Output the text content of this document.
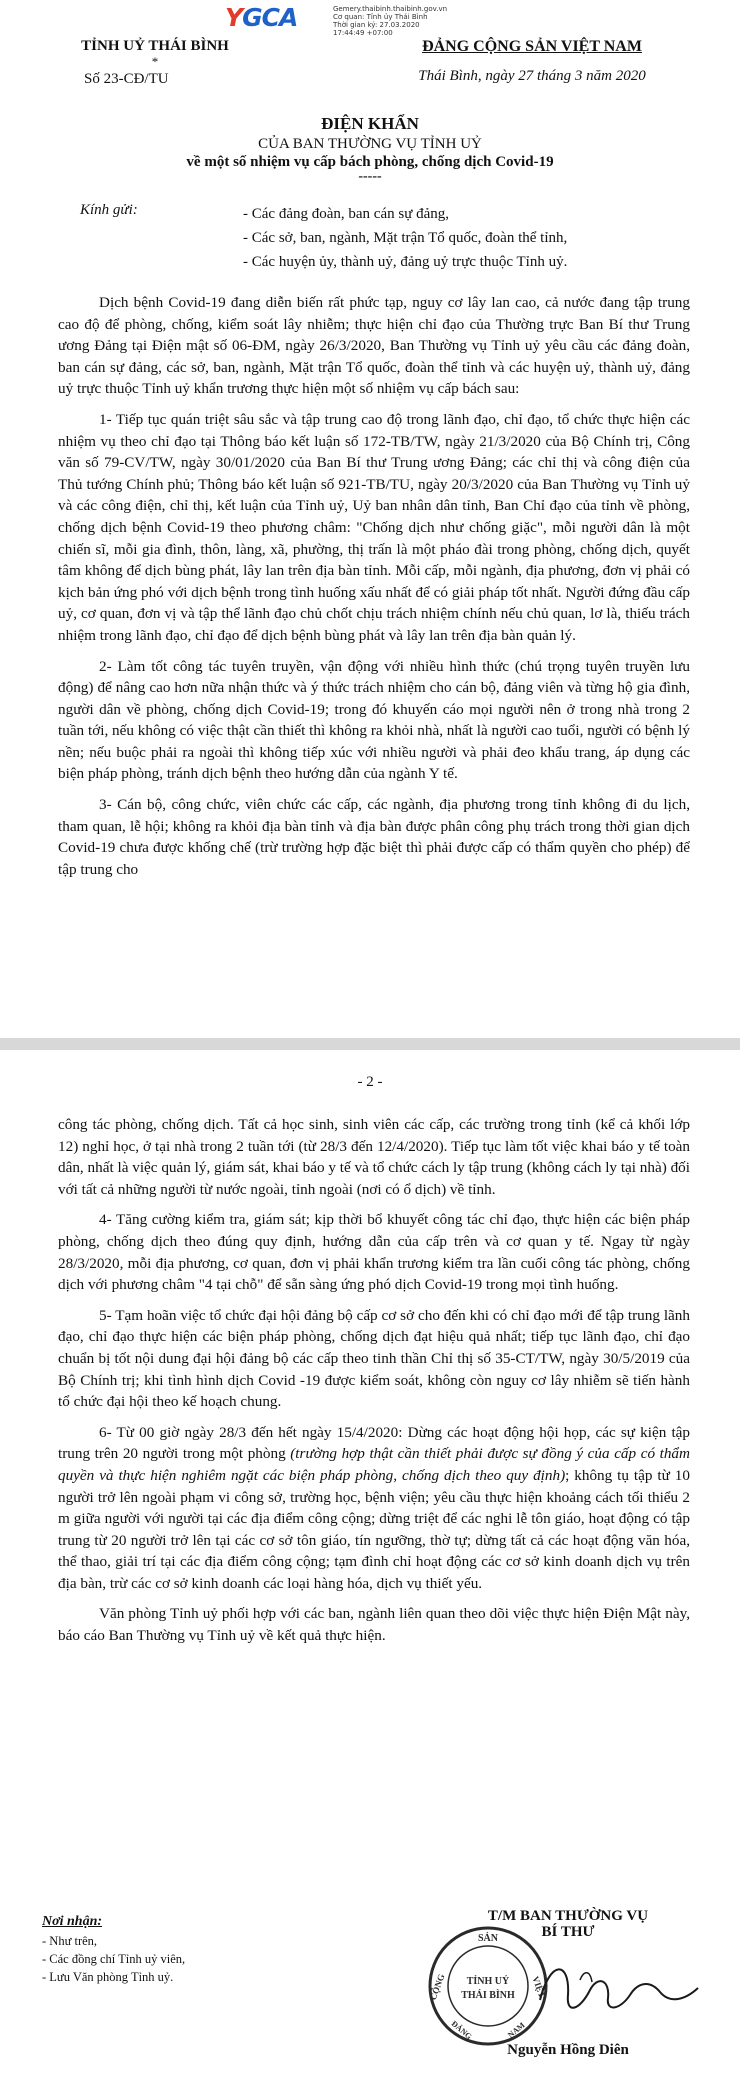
YGCA	Gemery.thaibinh.thaibinh.gov.vn
Cơ quan: Tỉnh ủy Thái Bình
Thời gian ký: 27.03.2020
17:44:49 +07:00
TỈNH UỶ THÁI BÌNH
*
Số 23-CĐ/TU
ĐẢNG CỘNG SẢN VIỆT NAM
Thái Bình, ngày 27 tháng 3 năm 2020
ĐIỆN KHẨN
CỦA BAN THƯỜNG VỤ TỈNH UỶ
về một số nhiệm vụ cấp bách phòng, chống dịch Covid-19
-----
Kính gửi:	- Các đảng đoàn, ban cán sự đảng,
- Các sở, ban, ngành, Mặt trận Tổ quốc, đoàn thể tỉnh,
- Các huyện ủy, thành uỷ, đảng uỷ trực thuộc Tỉnh uỷ.

Dịch bệnh Covid-19 đang diễn biến rất phức tạp, nguy cơ lây lan cao, cả nước đang tập trung cao độ để phòng, chống, kiểm soát lây nhiễm; thực hiện chỉ đạo của Thường trực Ban Bí thư Trung ương Đảng tại Điện mật số 06-ĐM, ngày 26/3/2020, Ban Thường vụ Tỉnh uỷ yêu cầu các đảng đoàn, ban cán sự đảng, các sở, ban, ngành, Mặt trận Tổ quốc, đoàn thể tỉnh và các huyện uỷ, thành uỷ, đảng uỷ trực thuộc Tỉnh uỷ khẩn trương thực hiện một số nhiệm vụ cấp bách sau:

1- Tiếp tục quán triệt sâu sắc và tập trung cao độ trong lãnh đạo, chỉ đạo, tổ chức thực hiện các nhiệm vụ theo chỉ đạo tại Thông báo kết luận số 172-TB/TW, ngày 21/3/2020 của Bộ Chính trị, Công văn số 79-CV/TW, ngày 30/01/2020 của Ban Bí thư Trung ương Đảng; các chỉ thị và công điện của Thủ tướng Chính phủ; Thông báo kết luận số 921-TB/TU, ngày 20/3/2020 của Ban Thường vụ Tỉnh uỷ và các công điện, chỉ thị, kết luận của Tỉnh uỷ, Uỷ ban nhân dân tỉnh, Ban Chỉ đạo của tỉnh về phòng, chống dịch bệnh Covid-19 theo phương châm: "Chống dịch như chống giặc", mỗi người dân là một chiến sĩ, mỗi gia đình, thôn, làng, xã, phường, thị trấn là một pháo đài trong phòng, chống dịch, quyết tâm không để dịch bùng phát, lây lan trên địa bàn tỉnh. Mỗi cấp, mỗi ngành, địa phương, đơn vị phải có kịch bản ứng phó với dịch bệnh trong tình huống xấu nhất để có giải pháp tốt nhất. Người đứng đầu cấp uỷ, cơ quan, đơn vị và tập thể lãnh đạo chủ chốt chịu trách nhiệm chính nếu chủ quan, lơ là, thiếu trách nhiệm trong lãnh đạo, chỉ đạo để dịch bệnh bùng phát và lây lan trên địa bàn quản lý.

2- Làm tốt công tác tuyên truyền, vận động với nhiều hình thức (chú trọng tuyên truyền lưu động) để nâng cao hơn nữa nhận thức và ý thức trách nhiệm cho cán bộ, đảng viên và từng hộ gia đình, người dân về phòng, chống dịch Covid-19; trong đó khuyến cáo mọi người nên ở trong nhà trong 2 tuần tới, nếu không có việc thật cần thiết thì không ra khỏi nhà, nhất là người cao tuổi, người có bệnh lý nền; nếu buộc phải ra ngoài thì không tiếp xúc với nhiều người và phải đeo khẩu trang, áp dụng các biện pháp phòng, tránh dịch bệnh theo hướng dẫn của ngành Y tế.

3- Cán bộ, công chức, viên chức các cấp, các ngành, địa phương trong tỉnh không đi du lịch, tham quan, lễ hội; không ra khỏi địa bàn tỉnh và địa bàn được phân công phụ trách trong thời gian dịch Covid-19 chưa được khống chế (trừ trường hợp đặc biệt thì phải được cấp có thẩm quyền cho phép) để tập trung cho

- 2 -

công tác phòng, chống dịch. Tất cả học sinh, sinh viên các cấp, các trường trong tỉnh (kể cả khối lớp 12) nghỉ học, ở tại nhà trong 2 tuần tới (từ 28/3 đến 12/4/2020). Tiếp tục làm tốt việc khai báo y tế toàn dân, nhất là việc quản lý, giám sát, khai báo y tế và tổ chức cách ly tập trung (không cách ly tại nhà) đối với tất cả những người từ nước ngoài, tỉnh ngoài (nơi có ổ dịch) về tỉnh.

4- Tăng cường kiểm tra, giám sát; kịp thời bổ khuyết công tác chỉ đạo, thực hiện các biện pháp phòng, chống dịch theo đúng quy định, hướng dẫn của cấp trên và cơ quan y tế. Ngay từ ngày 28/3/2020, mỗi địa phương, cơ quan, đơn vị phải khẩn trương kiểm tra lần cuối công tác phòng, chống dịch với phương châm "4 tại chỗ" để sẵn sàng ứng phó dịch Covid-19 trong mọi tình huống.

5- Tạm hoãn việc tổ chức đại hội đảng bộ cấp cơ sở cho đến khi có chỉ đạo mới để tập trung lãnh đạo, chỉ đạo thực hiện các biện pháp phòng, chống dịch đạt hiệu quả nhất; tiếp tục lãnh đạo, chỉ đạo chuẩn bị tốt nội dung đại hội đảng bộ các cấp theo tinh thần Chỉ thị số 35-CT/TW, ngày 30/5/2019 của Bộ Chính trị; khi tình hình dịch Covid -19 được kiểm soát, không còn nguy cơ lây nhiễm sẽ tiến hành tổ chức đại hội theo kế hoạch chung.

6- Từ 00 giờ ngày 28/3 đến hết ngày 15/4/2020: Dừng các hoạt động hội họp, các sự kiện tập trung trên 20 người trong một phòng (trường hợp thật cần thiết phải được sự đồng ý của cấp có thẩm quyền và thực hiện nghiêm ngặt các biện pháp phòng, chống dịch theo quy định); không tụ tập từ 10 người trở lên ngoài phạm vi công sở, trường học, bệnh viện; yêu cầu thực hiện khoảng cách tối thiểu 2 m giữa người với người tại các địa điểm công cộng; dừng triệt để các nghi lễ tôn giáo, hoạt động có tập trung từ 20 người trở lên tại các cơ sở tôn giáo, tín ngưỡng, thờ tự; dừng tất cả các hoạt động văn hóa, thể thao, giải trí tại các địa điểm công cộng; tạm đình chỉ hoạt động các cơ sở kinh doanh dịch vụ trên địa bàn, trừ các cơ sở kinh doanh các loại hàng hóa, dịch vụ thiết yếu.

Văn phòng Tỉnh uỷ phối hợp với các ban, ngành liên quan theo dõi việc thực hiện Điện Mật này, báo cáo Ban Thường vụ Tỉnh uỷ về kết quả thực hiện.

Nơi nhận:
- Như trên,
- Các đồng chí Tỉnh uỷ viên,
- Lưu Văn phòng Tỉnh uỷ.
T/M BAN THƯỜNG VỤ
BÍ THƯ
SẢN
CỘNG	VIỆT
TỈNH UỶ
THÁI BÌNH
ĐẢNG	NAM
Nguyễn Hồng Diên
